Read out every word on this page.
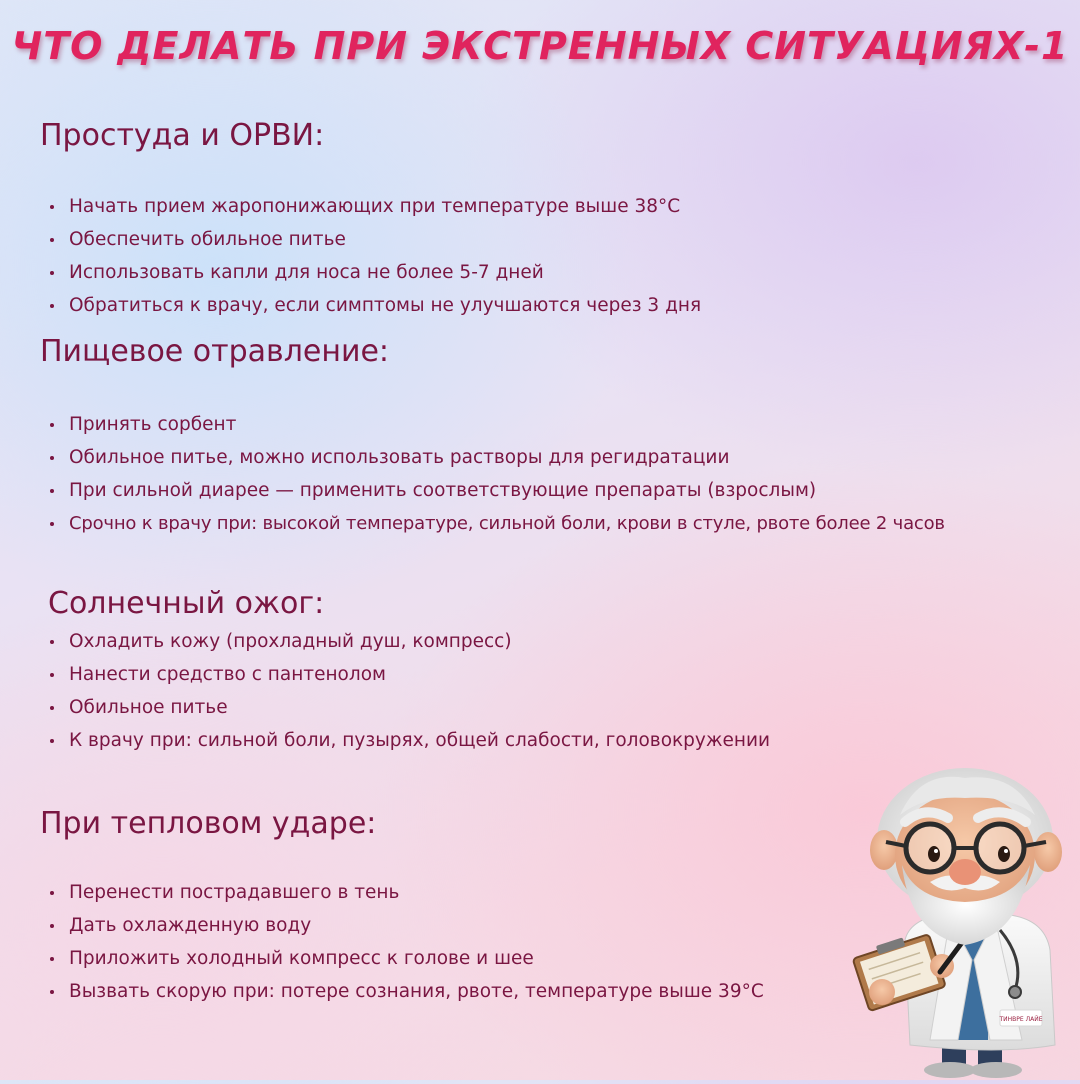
ЧТО ДЕЛАТЬ ПРИ ЭКСТРЕННЫХ СИТУАЦИЯХ-1
Простуда и ОРВИ:
Начать прием жаропонижающих при температуре выше 38°С
Обеспечить обильное питье
Использовать капли для носа не более 5-7 дней
Обратиться к врачу, если симптомы не улучшаются через 3 дня
Пищевое отравление:
Принять сорбент
Обильное питье, можно использовать растворы для регидратации
При сильной диарее — применить соответствующие препараты (взрослым)
Срочно к врачу при: высокой температуре, сильной боли, крови в стуле, рвоте более 2 часов
Солнечный ожог:
Охладить кожу (прохладный душ, компресс)
Нанести средство с пантенолом
Обильное питье
К врачу при: сильной боли, пузырях, общей слабости, головокружении
При тепловом ударе:
Перенести пострадавшего в тень
Дать охлажденную воду
Приложить холодный компресс к голове и шее
Вызвать скорую при: потере сознания, рвоте, температуре выше 39°С
ТИНВРЕ ЛАЙЕ
